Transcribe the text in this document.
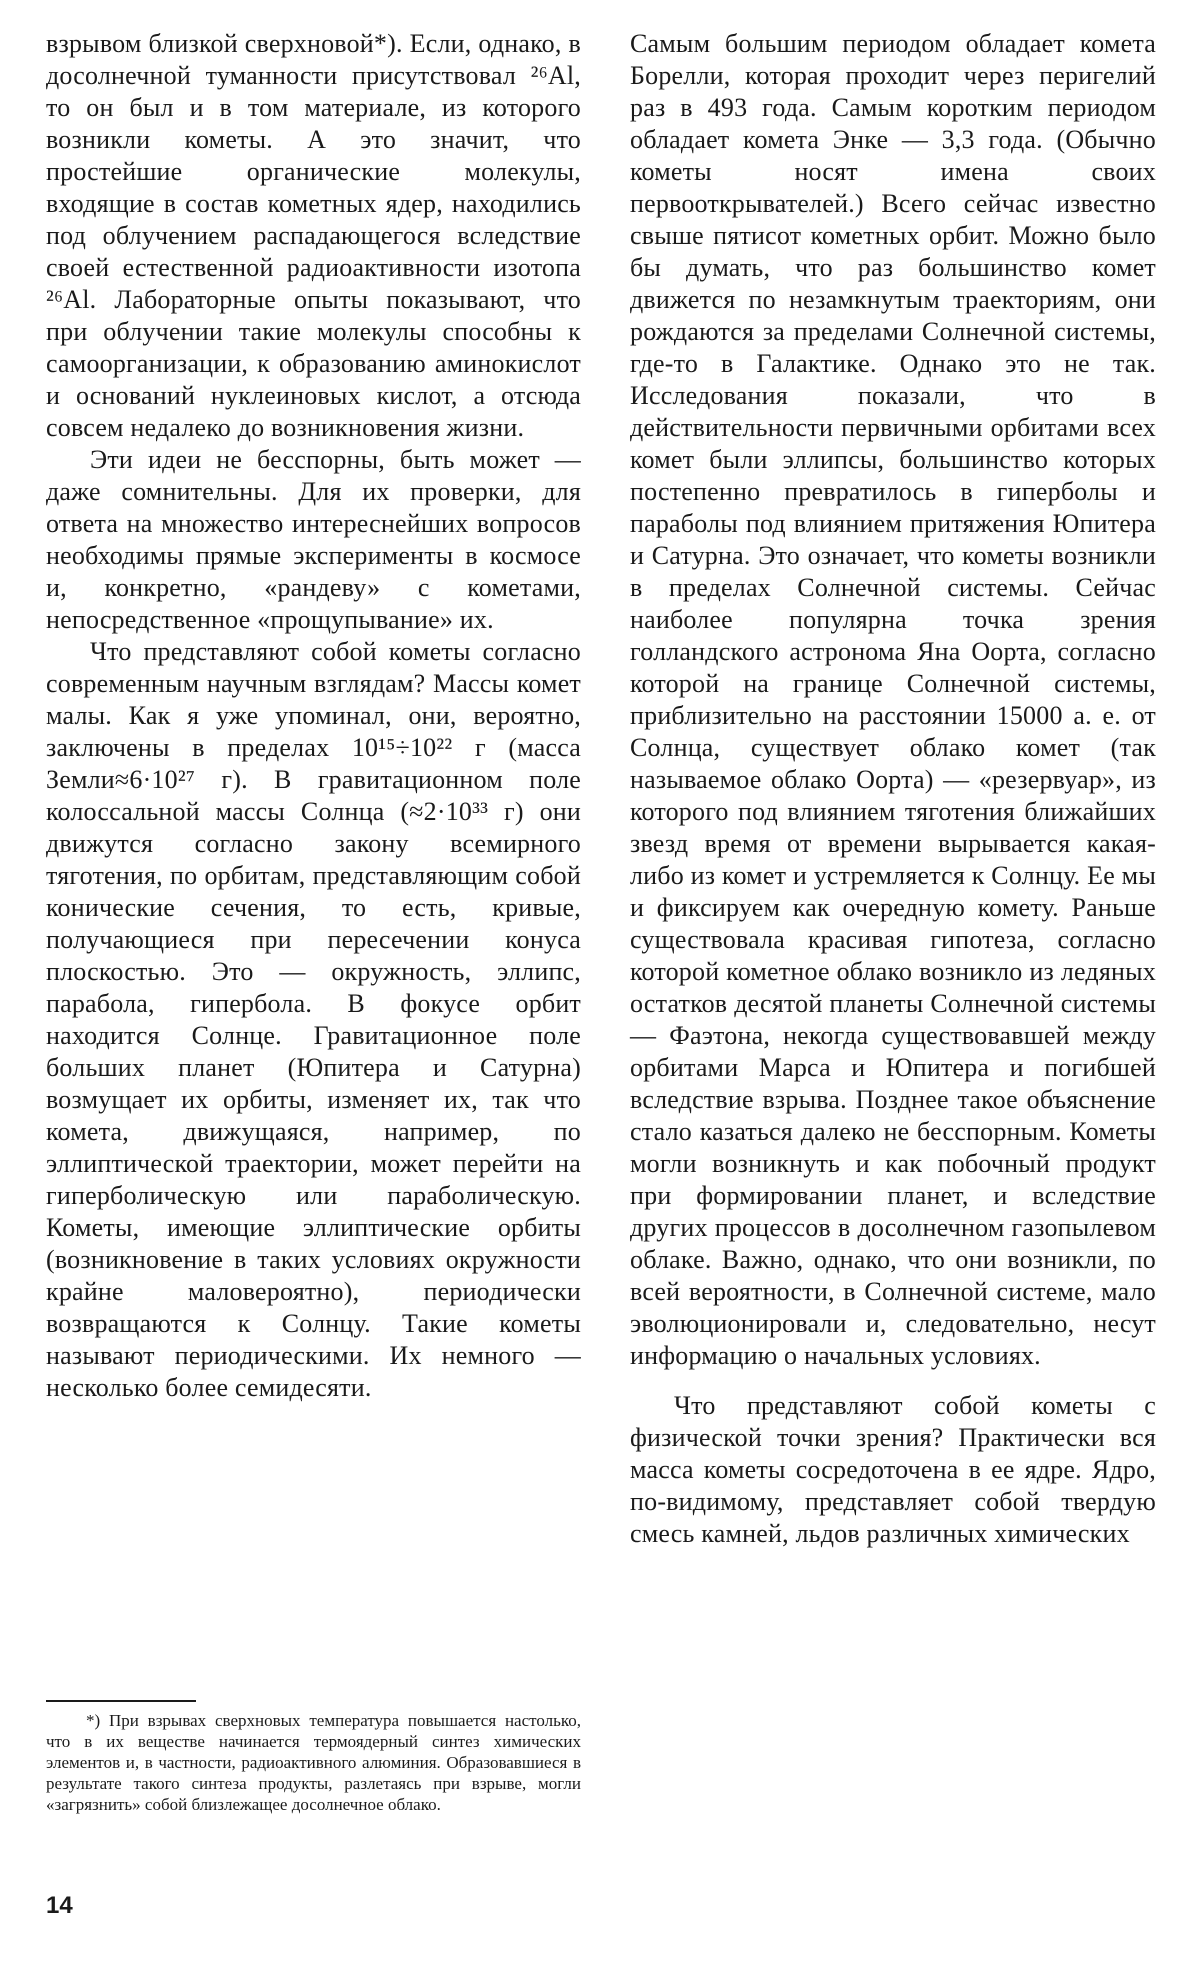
взрывом близкой сверхновой*). Если, однако, в досолнечной туманности присутствовал ²⁶Al, то он был и в том материале, из которого возникли кометы. А это значит, что простейшие органические молекулы, входящие в состав кометных ядер, находились под облучением распадающегося вследствие своей естественной радиоактивности изотопа ²⁶Al. Лабораторные опыты показывают, что при облучении такие молекулы способны к самоорганизации, к образованию аминокислот и оснований нуклеиновых кислот, а отсюда совсем недалеко до возникновения жизни.

Эти идеи не бесспорны, быть может — даже сомнительны. Для их проверки, для ответа на множество интереснейших вопросов необходимы прямые эксперименты в космосе и, конкретно, «рандеву» с кометами, непосредственное «прощупывание» их.

Что представляют собой кометы согласно современным научным взглядам? Массы комет малы. Как я уже упоминал, они, вероятно, заключены в пределах 10¹⁵÷10²² г (масса Земли≈6·10²⁷ г). В гравитационном поле колоссальной массы Солнца (≈2·10³³ г) они движутся согласно закону всемирного тяготения, по орбитам, представляющим собой конические сечения, то есть, кривые, получающиеся при пересечении конуса плоскостью. Это — окружность, эллипс, парабола, гипербола. В фокусе орбит находится Солнце. Гравитационное поле больших планет (Юпитера и Сатурна) возмущает их орбиты, изменяет их, так что комета, движущаяся, например, по эллиптической траектории, может перейти на гиперболическую или параболическую. Кометы, имеющие эллиптические орбиты (возникновение в таких условиях окружности крайне маловероятно), периодически возвращаются к Солнцу. Такие кометы называют периодическими. Их немного — несколько более семидесяти.

Самым большим периодом обладает комета Борелли, которая проходит через перигелий раз в 493 года. Самым коротким периодом обладает комета Энке — 3,3 года. (Обычно кометы носят имена своих первооткрывателей.) Всего сейчас известно свыше пятисот кометных орбит. Можно было бы думать, что раз большинство комет движется по незамкнутым траекториям, они рождаются за пределами Солнечной системы, где-то в Галактике. Однако это не так. Исследования показали, что в действительности первичными орбитами всех комет были эллипсы, большинство которых постепенно превратилось в гиперболы и параболы под влиянием притяжения Юпитера и Сатурна. Это означает, что кометы возникли в пределах Солнечной системы. Сейчас наиболее популярна точка зрения голландского астронома Яна Оорта, согласно которой на границе Солнечной системы, приблизительно на расстоянии 15000 а. е. от Солнца, существует облако комет (так называемое облако Оорта) — «резервуар», из которого под влиянием тяготения ближайших звезд время от времени вырывается какая-либо из комет и устремляется к Солнцу. Ее мы и фиксируем как очередную комету. Раньше существовала красивая гипотеза, согласно которой кометное облако возникло из ледяных остатков десятой планеты Солнечной системы — Фаэтона, некогда существовавшей между орбитами Марса и Юпитера и погибшей вследствие взрыва. Позднее такое объяснение стало казаться далеко не бесспорным. Кометы могли возникнуть и как побочный продукт при формировании планет, и вследствие других процессов в досолнечном газопылевом облаке. Важно, однако, что они возникли, по всей вероятности, в Солнечной системе, мало эволюционировали и, следовательно, несут информацию о начальных условиях.

Что представляют собой кометы с физической точки зрения? Практически вся масса кометы сосредоточена в ее ядре. Ядро, по-видимому, представляет собой твердую смесь камней, льдов различных химических

*) При взрывах сверхновых температура повышается настолько, что в их веществе начинается термоядерный синтез химических элементов и, в частности, радиоактивного алюминия. Образовавшиеся в результате такого синтеза продукты, разлетаясь при взрыве, могли «загрязнить» собой близлежащее досолнечное облако.
14
